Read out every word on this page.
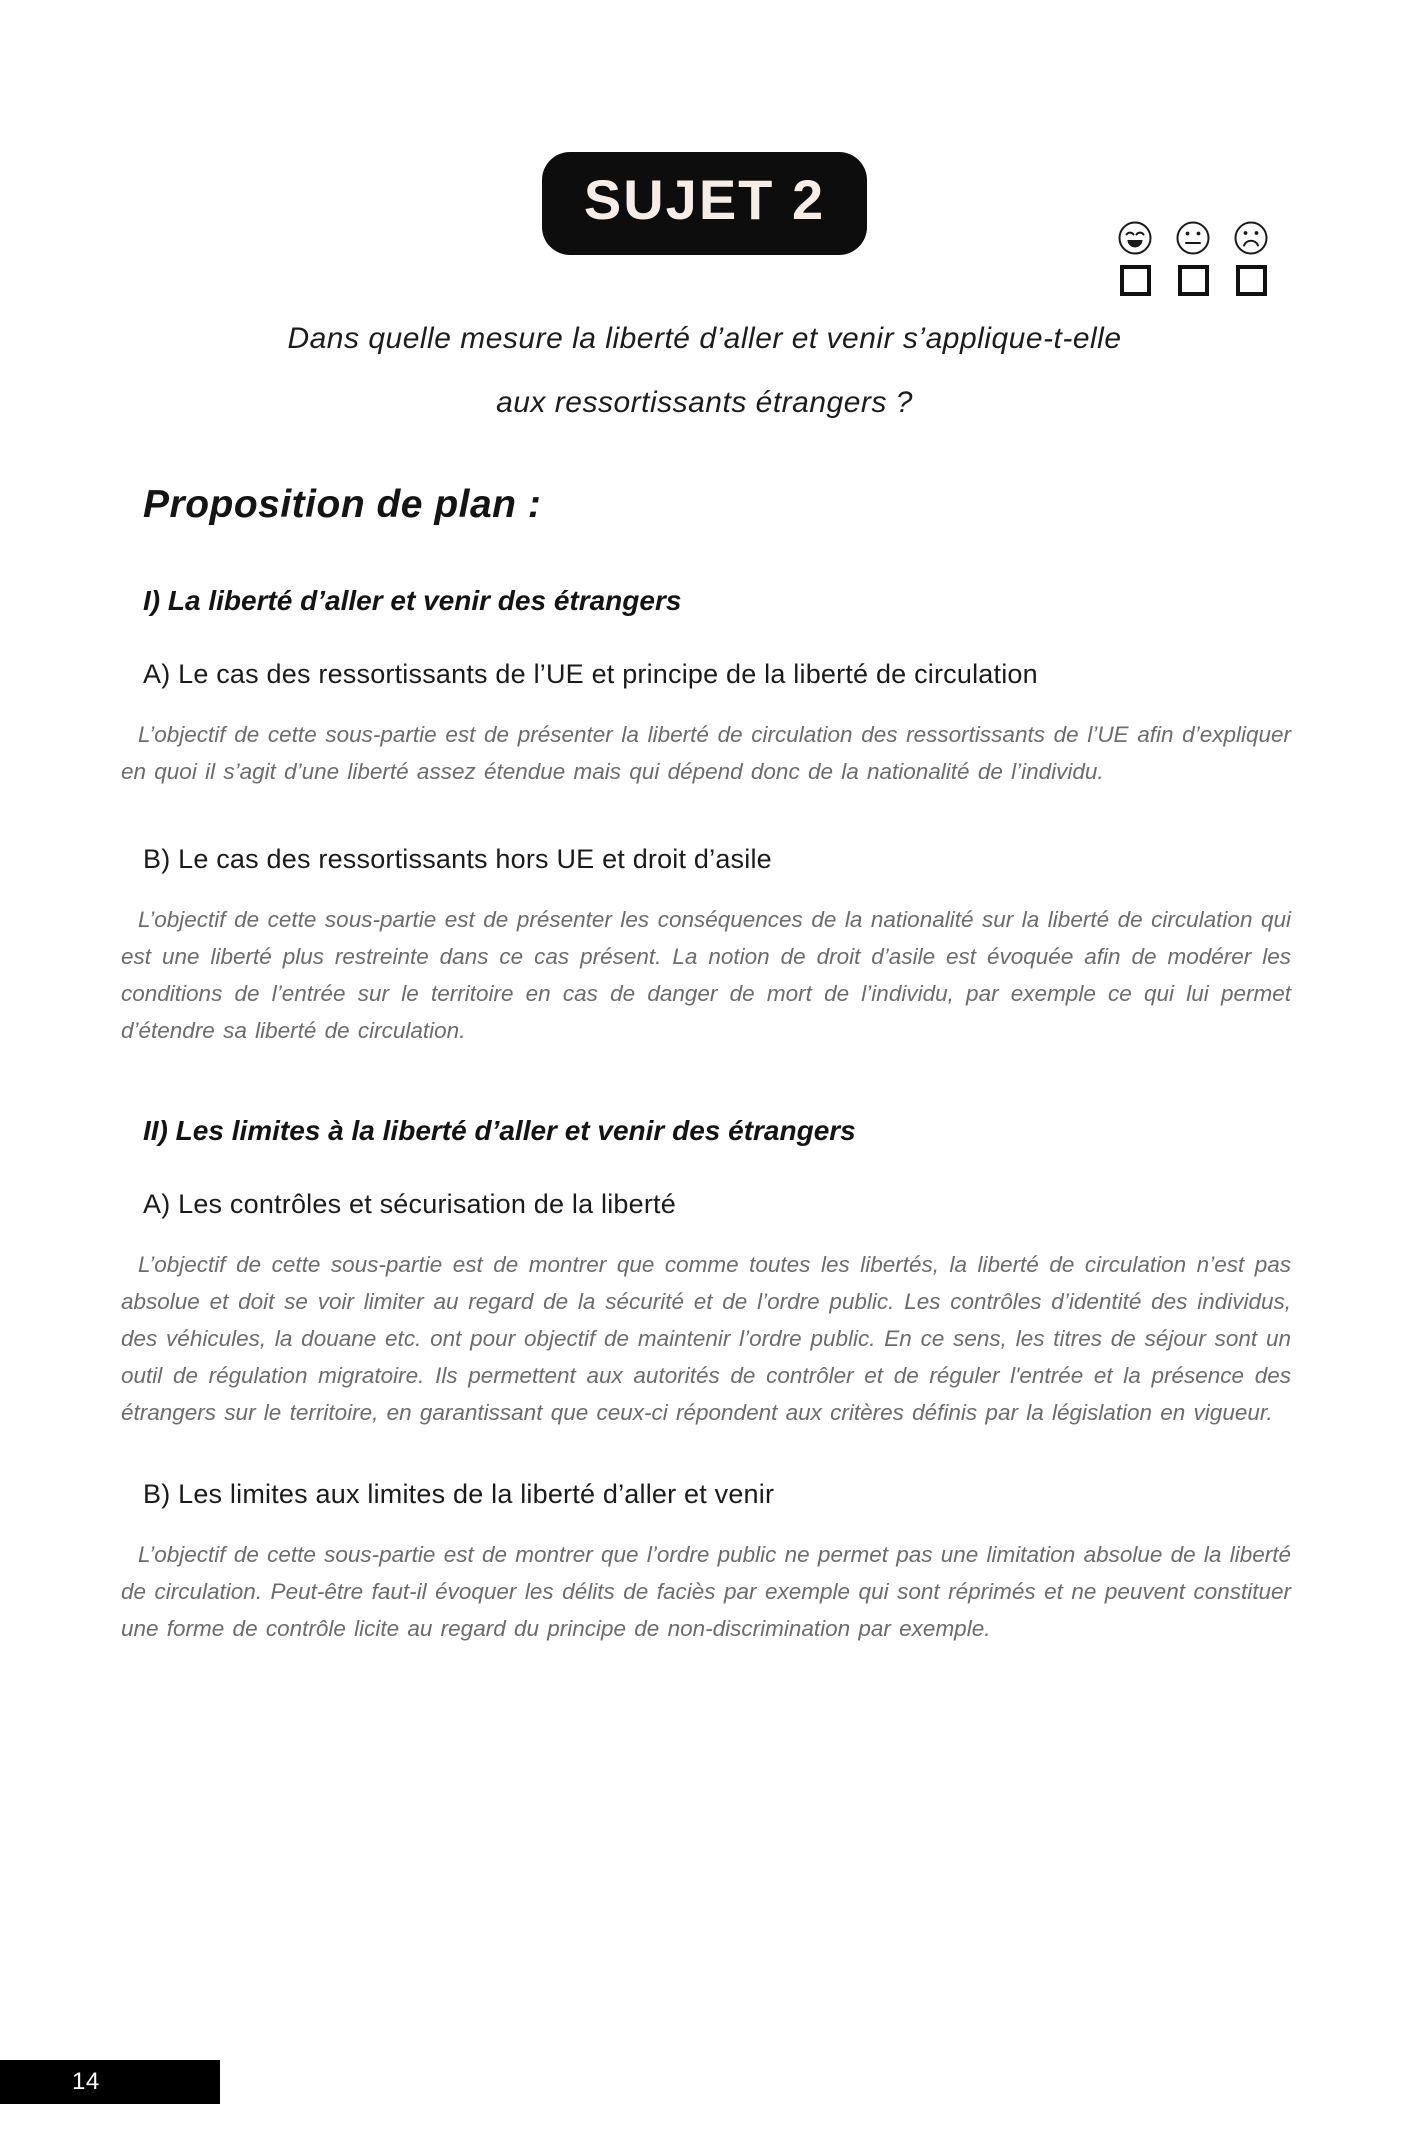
SUJET 2
Dans quelle mesure la liberté d’aller et venir s’applique-t-elle
aux ressortissants étrangers ?
Proposition de plan :
I) La liberté d’aller et venir des étrangers
A) Le cas des ressortissants de l’UE et principe de la liberté de circulation

L’objectif de cette sous-partie est de présenter la liberté de circulation des ressortissants de l’UE afin d’expliquer en quoi il s’agit d’une liberté assez étendue mais qui dépend donc de la nationalité de l’individu.

B) Le cas des ressortissants hors UE et droit d’asile

L’objectif de cette sous-partie est de présenter les conséquences de la nationalité sur la liberté de circulation qui est une liberté plus restreinte dans ce cas présent. La notion de droit d’asile est évoquée afin de modérer les conditions de l’entrée sur le territoire en cas de danger de mort de l’individu, par exemple ce qui lui permet d’étendre sa liberté de circulation.

II) Les limites à la liberté d’aller et venir des étrangers
A) Les contrôles et sécurisation de la liberté

L’objectif de cette sous-partie est de montrer que comme toutes les libertés, la liberté de circulation n’est pas absolue et doit se voir limiter au regard de la sécurité et de l’ordre public. Les contrôles d’identité des individus, des véhicules, la douane etc. ont pour objectif de maintenir l’ordre public. En ce sens, les titres de séjour sont un outil de régulation migratoire. Ils permettent aux autorités de contrôler et de réguler l'entrée et la présence des étrangers sur le territoire, en garantissant que ceux-ci répondent aux critères définis par la législation en vigueur.

B) Les limites aux limites de la liberté d’aller et venir

L’objectif de cette sous-partie est de montrer que l’ordre public ne permet pas une limitation absolue de la liberté de circulation. Peut-être faut-il évoquer les délits de faciès par exemple qui sont réprimés et ne peuvent constituer une forme de contrôle licite au regard du principe de non-discrimination par exemple.

14
